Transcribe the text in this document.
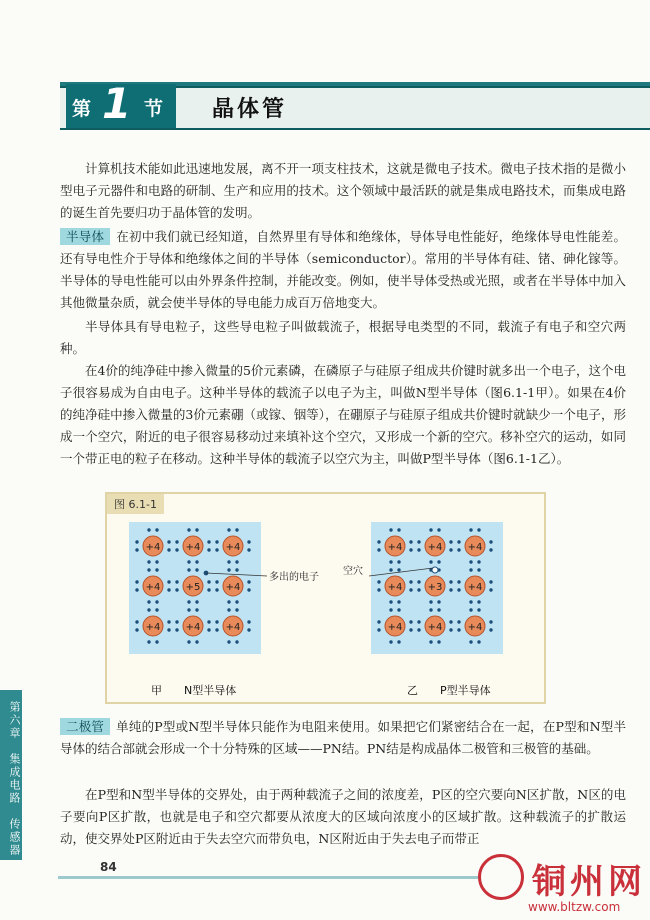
第 1 节 晶体管
计算机技术能如此迅速地发展，离不开一项支柱技术，这就是微电子技术。微电子技术指的是微小型电子元器件和电路的研制、生产和应用的技术。这个领域中最活跃的就是集成电路技术，而集成电路的诞生首先要归功于晶体管的发明。
半导体 在初中我们就已经知道，自然界里有导体和绝缘体，导体导电性能好，绝缘体导电性能差。还有导电性介于导体和绝缘体之间的半导体（semiconductor）。常用的半导体有硅、锗、砷化镓等。半导体的导电性能可以由外界条件控制，并能改变。例如，使半导体受热或光照，或者在半导体中加入其他微量杂质，就会使半导体的导电能力成百万倍地变大。
半导体具有导电粒子，这些导电粒子叫做载流子，根据导电类型的不同，载流子有电子和空穴两种。
在4价的纯净硅中掺入微量的5价元素磷，在磷原子与硅原子组成共价键时就多出一个电子，这个电子很容易成为自由电子。这种半导体的载流子以电子为主，叫做N型半导体（图6.1-1甲）。如果在4价的纯净硅中掺入微量的3价元素硼（或镓、铟等），在硼原子与硅原子组成共价键时就缺少一个电子，形成一个空穴，附近的电子很容易移动过来填补这个空穴，又形成一个新的空穴。移补空穴的运动，如同一个带正电的粒子在移动。这种半导体的载流子以空穴为主，叫做P型半导体（图6.1-1乙）。
图 6.1-1
+4	+4	+4
+4	+5	+4
+4	+4	+4
+4	+4	+4
+4	+3	+4
+4	+4	+4
多出的电子
空穴
甲　　N型半导体	乙　　P型半导体
二极管 单纯的P型或N型半导体只能作为电阻来使用。如果把它们紧密结合在一起，在P型和N型半导体的结合部就会形成一个十分特殊的区域——PN结。PN结是构成晶体二极管和三极管的基础。
在P型和N型半导体的交界处，由于两种载流子之间的浓度差，P区的空穴要向N区扩散，N区的电子要向P区扩散，也就是电子和空穴都要从浓度大的区域向浓度小的区域扩散。这种载流子的扩散运动，使交界处P区附近由于失去空穴而带负电，N区附近由于失去电子而带正
第六章　集成电路　传感器
84	铜州网
www.bltzw.com
